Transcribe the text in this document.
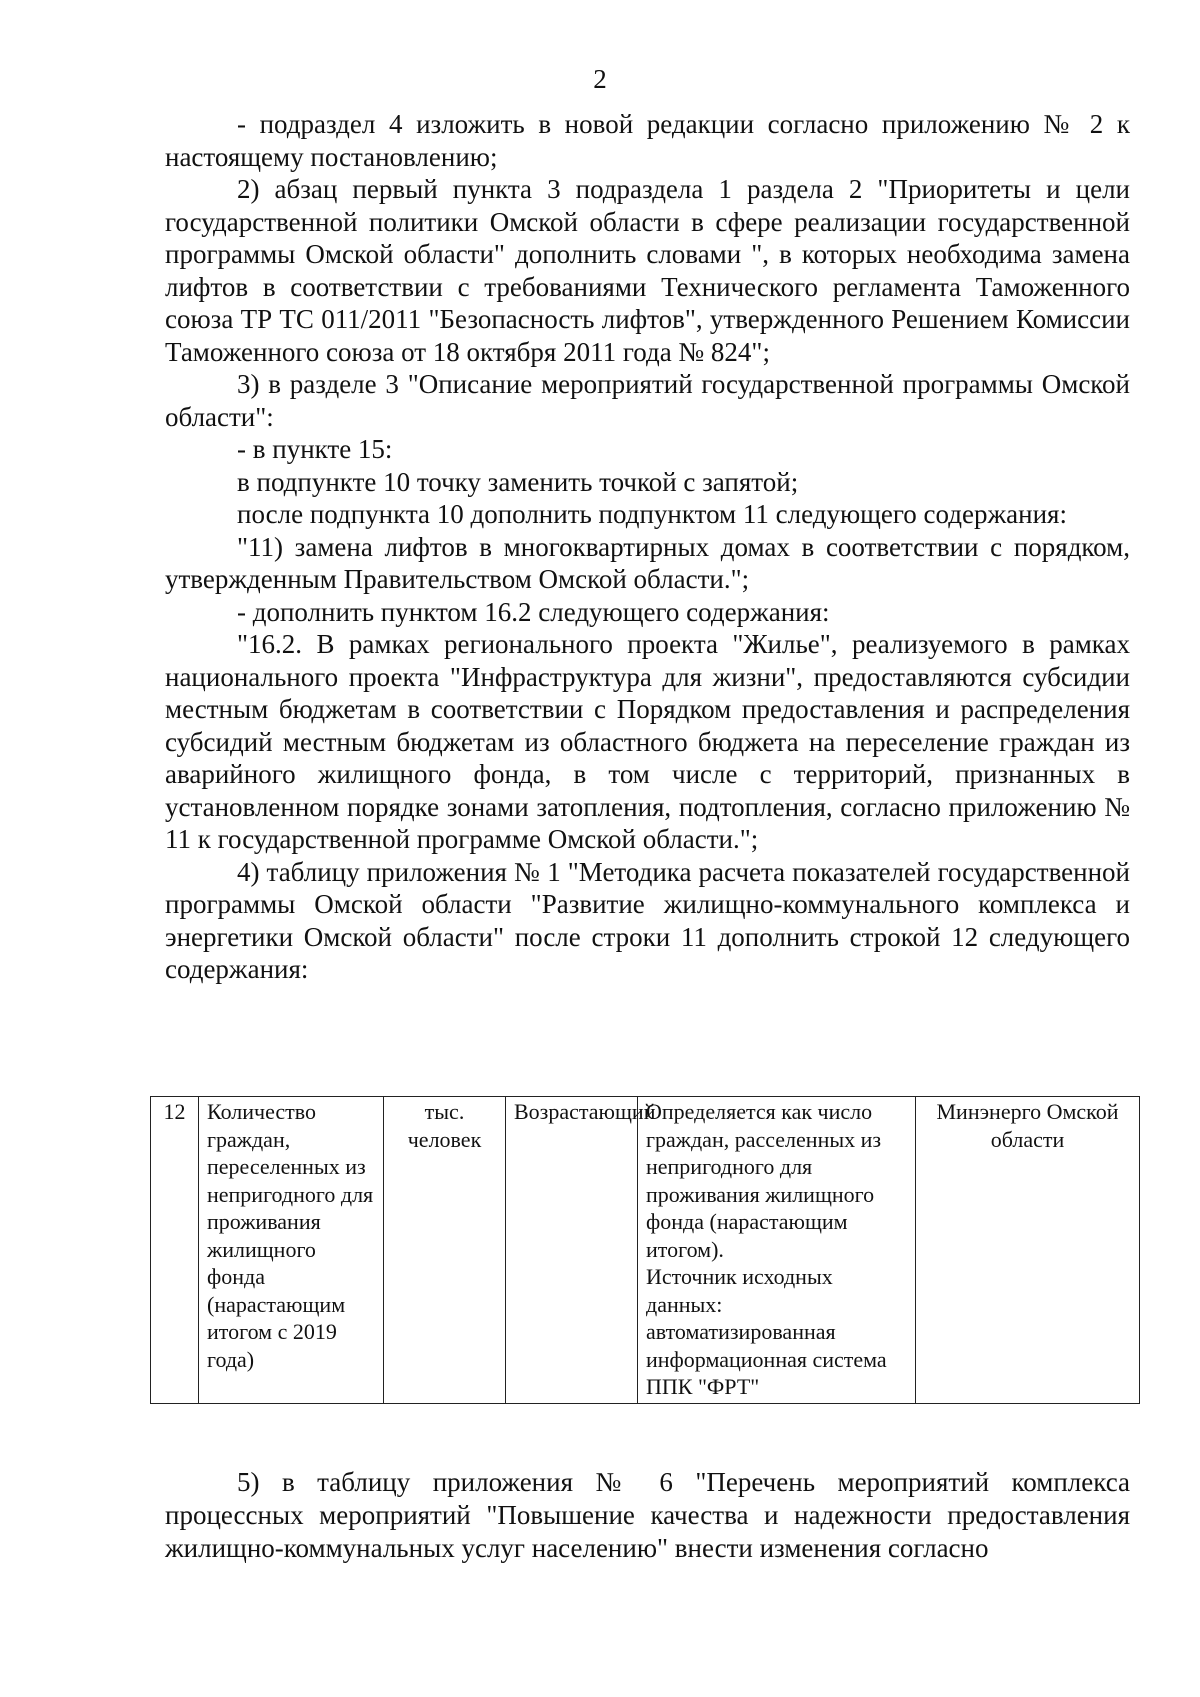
2

- подраздел 4 изложить в новой редакции согласно приложению № 2 к настоящему постановлению;

2) абзац первый пункта 3 подраздела 1 раздела 2 "Приоритеты и цели государственной политики Омской области в сфере реализации государственной программы Омской области" дополнить словами ", в которых необходима замена лифтов в соответствии с требованиями Технического регламента Таможенного союза ТР ТС 011/2011 "Безопасность лифтов", утвержденного Решением Комиссии Таможенного союза от 18 октября 2011 года № 824";

3) в разделе 3 "Описание мероприятий государственной программы Омской области":

- в пункте 15:

в подпункте 10 точку заменить точкой с запятой;

после подпункта 10 дополнить подпунктом 11 следующего содержания:

"11) замена лифтов в многоквартирных домах в соответствии с порядком, утвержденным Правительством Омской области.";

- дополнить пунктом 16.2 следующего содержания:

"16.2. В рамках регионального проекта "Жилье", реализуемого в рамках национального проекта "Инфраструктура для жизни", предоставляются субсидии местным бюджетам в соответствии с Порядком предоставления и распределения субсидий местным бюджетам из областного бюджета на переселение граждан из аварийного жилищного фонда, в том числе с территорий, признанных в установленном порядке зонами затопления, подтопления, согласно приложению № 11 к государственной программе Омской области.";

4) таблицу приложения № 1 "Методика расчета показателей государственной программы Омской области "Развитие жилищно-коммунального комплекса и энергетики Омской области" после строки 11 дополнить строкой 12 следующего содержания:

12	Количество граждан, переселенных из непригодного для проживания жилищного фонда (нарастающим итогом с 2019 года)	тыс. человек	Возрастающий	Определяется как число граждан, расселенных из непригодного для проживания жилищного фонда (нарастающим итогом).
Источник исходных данных: автоматизированная информационная система ППК "ФРТ"	Минэнерго Омской области

5) в таблицу приложения № 6 "Перечень мероприятий комплекса процессных мероприятий "Повышение качества и надежности предоставления жилищно-коммунальных услуг населению" внести изменения согласно
